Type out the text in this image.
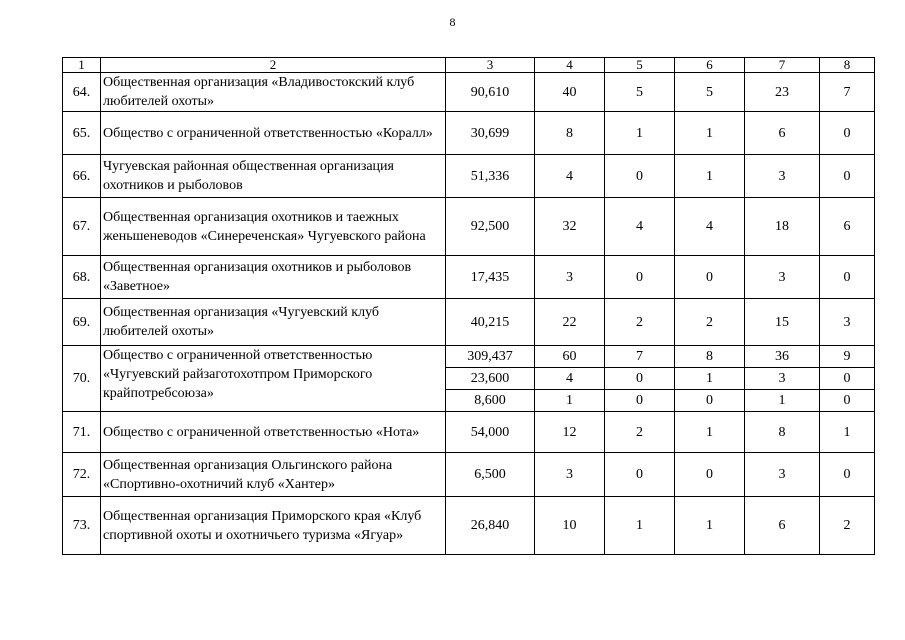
8
1	2	3	4	5	6	7	8
64.	Общественная организация «Владивостокский клуб любителей охоты»	90,610	40	5	5	23	7
65.	Общество с ограниченной ответственностью «Коралл»	30,699	8	1	1	6	0
66.	Чугуевская районная общественная организация охотников и рыболовов	51,336	4	0	1	3	0
67.	Общественная организация охотников и таежных женьшеневодов «Синереченская» Чугуевского района	92,500	32	4	4	18	6
68.	Общественная организация охотников и рыболовов «Заветное»	17,435	3	0	0	3	0
69.	Общественная организация «Чугуевский клуб любителей охоты»	40,215	22	2	2	15	3
70.	Общество с ограниченной ответственностью «Чугуевский райзаготохотпром Приморского крайпотребсоюза»	309,437	60	7	8	36	9
		23,600	4	0	1	3	0
		8,600	1	0	0	1	0
71.	Общество с ограниченной ответственностью «Нота»	54,000	12	2	1	8	1
72.	Общественная организация Ольгинского района «Спортивно-охотничий клуб «Хантер»	6,500	3	0	0	3	0
73.	Общественная организация Приморского края «Клуб спортивной охоты и охотничьего туризма «Ягуар»	26,840	10	1	1	6	2
